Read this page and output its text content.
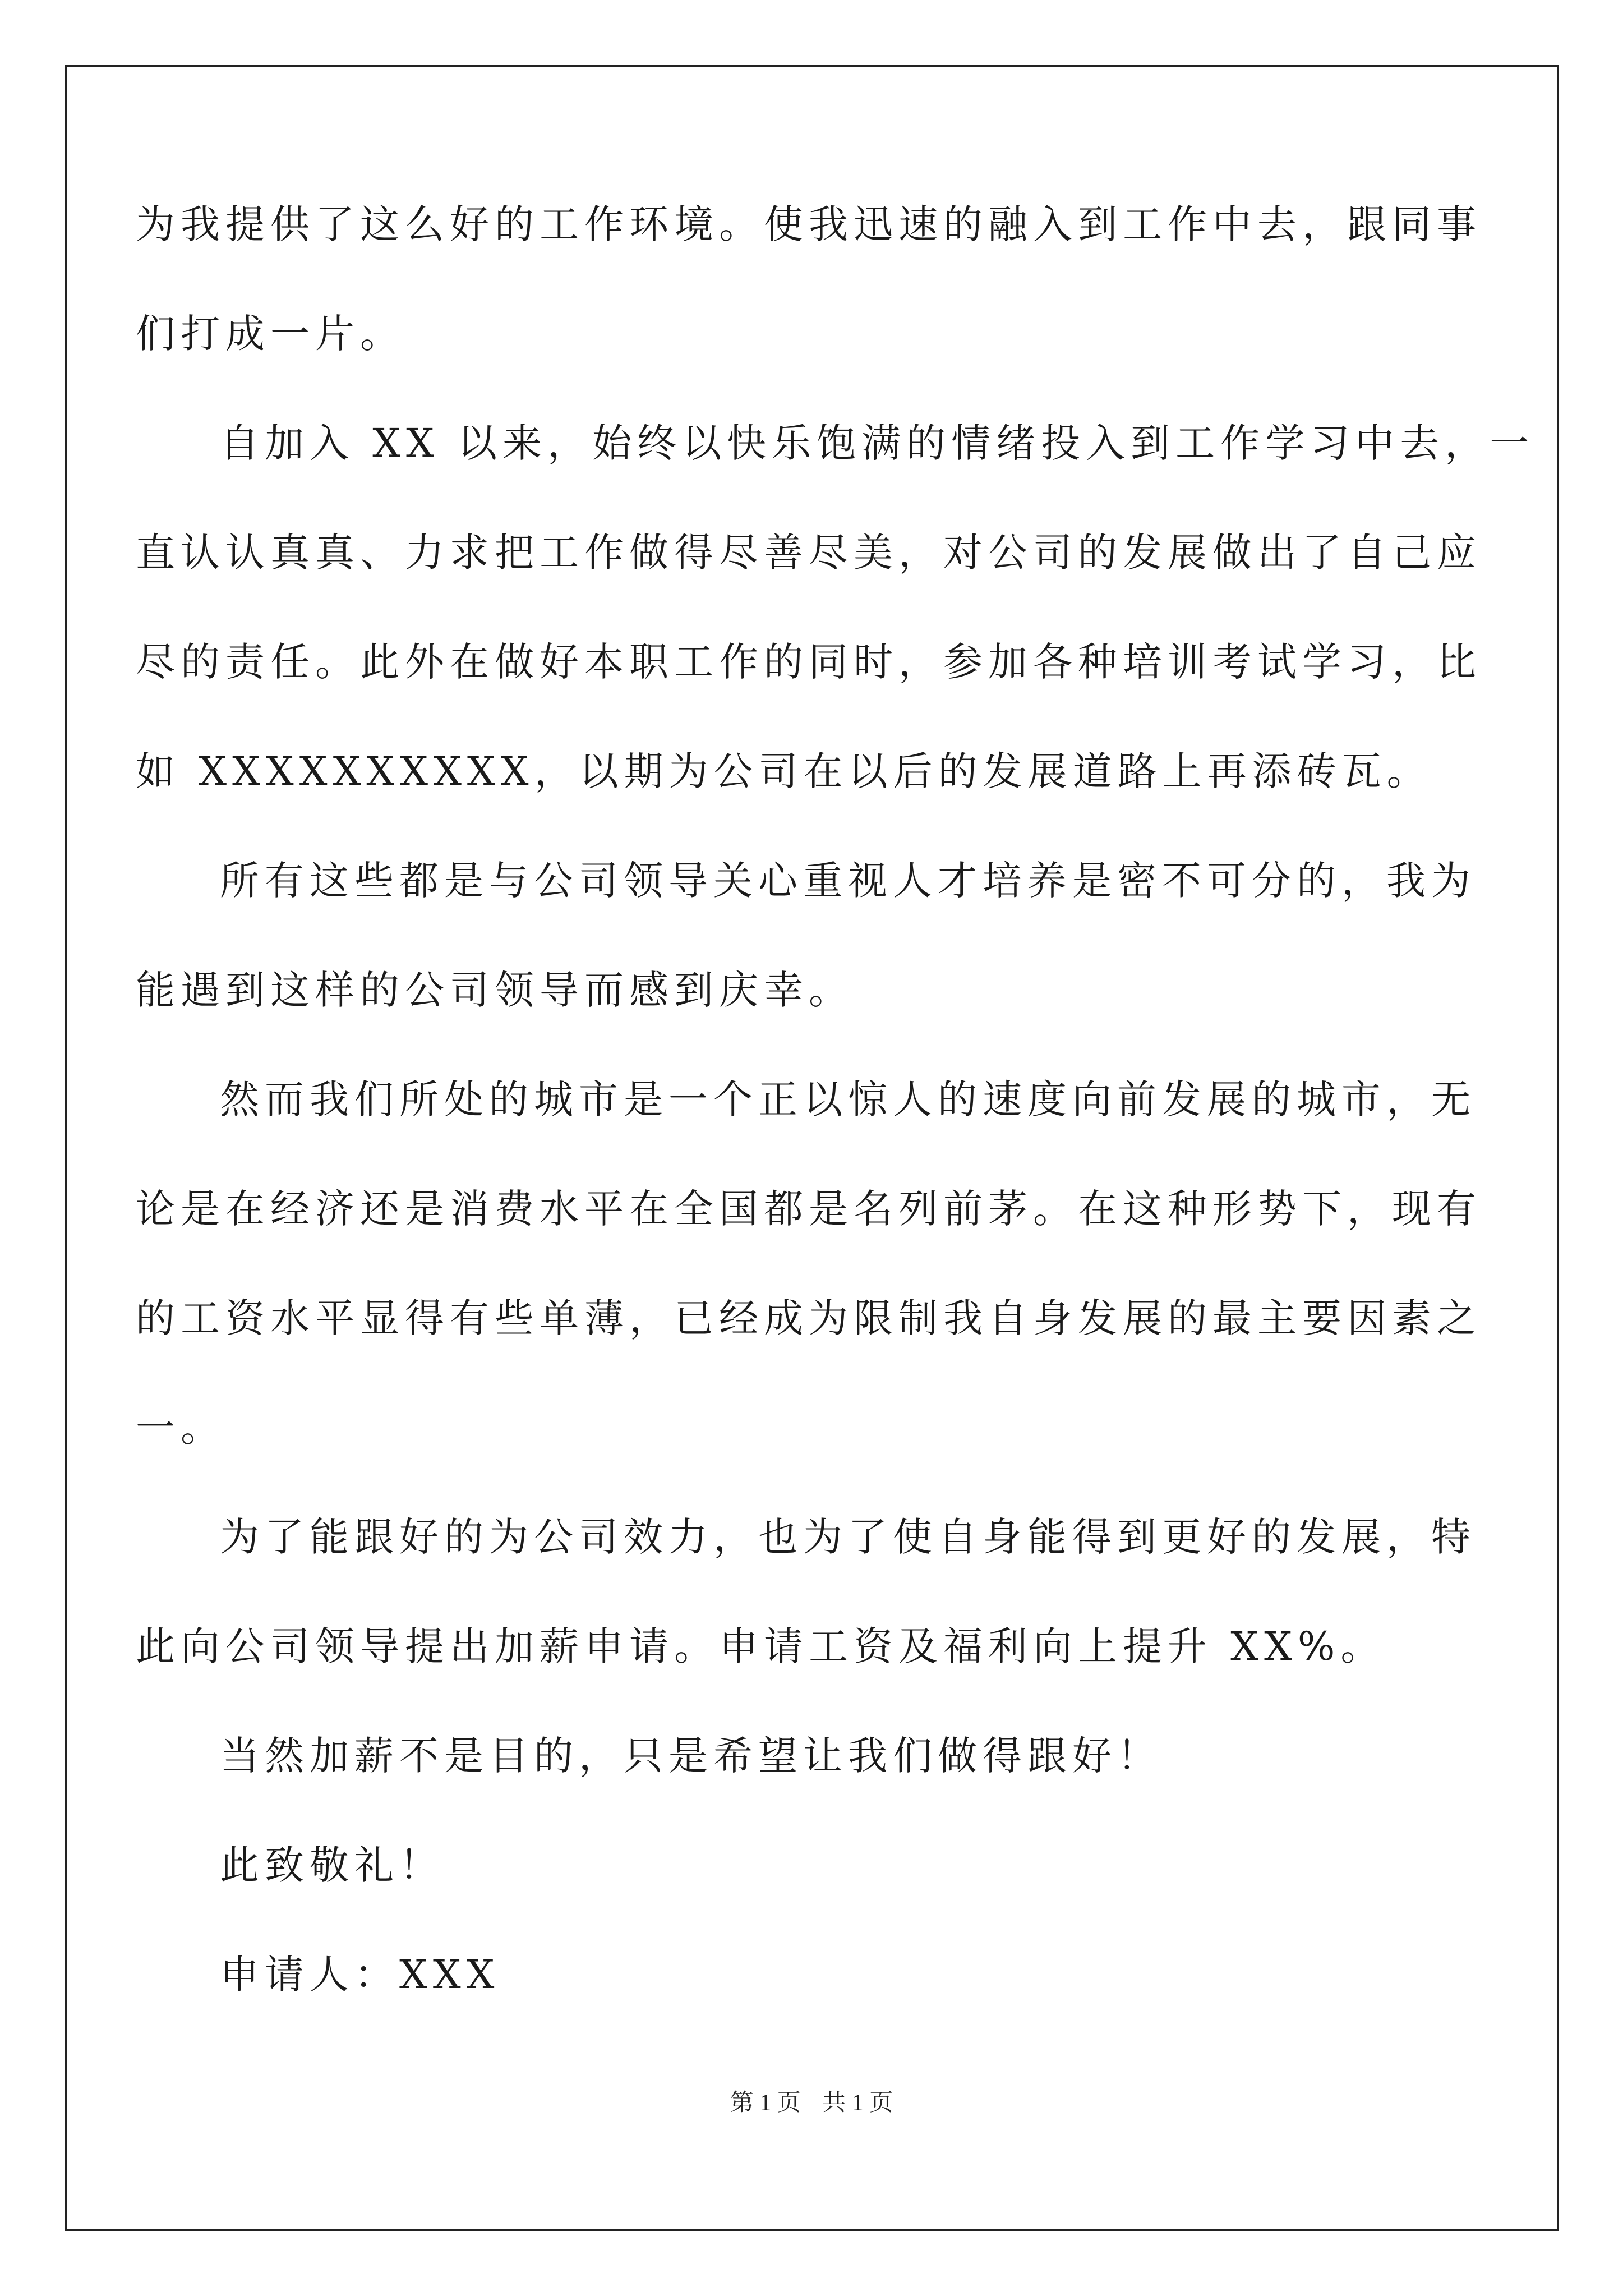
为我提供了这么好的工作环境。使我迅速的融入到工作中去，跟同事
们打成一片。
自加入 XX 以来，始终以快乐饱满的情绪投入到工作学习中去，一
直认认真真、力求把工作做得尽善尽美，对公司的发展做出了自己应
尽的责任。此外在做好本职工作的同时，参加各种培训考试学习，比
如 XXXXXXXXXX，以期为公司在以后的发展道路上再添砖瓦。
所有这些都是与公司领导关心重视人才培养是密不可分的，我为
能遇到这样的公司领导而感到庆幸。
然而我们所处的城市是一个正以惊人的速度向前发展的城市，无
论是在经济还是消费水平在全国都是名列前茅。在这种形势下，现有
的工资水平显得有些单薄，已经成为限制我自身发展的最主要因素之
一。
为了能跟好的为公司效力，也为了使自身能得到更好的发展，特
此向公司领导提出加薪申请。申请工资及福利向上提升 XX%。
当然加薪不是目的，只是希望让我们做得跟好！
此致敬礼！
申请人：XXX
第 1 页 共 1 页
